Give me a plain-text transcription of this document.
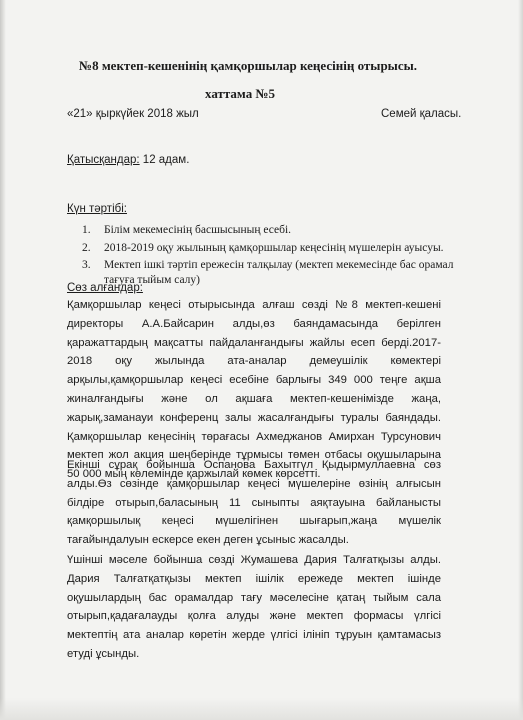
№8 мектеп-кешенінің қамқоршылар кеңесінің отырысы.
хаттама №5
«21» қыркүйек 2018 жыл	Семей қаласы.
Қатысқандар: 12 адам.
Күн тәртібі:
1. Білім мекемесінің басшысының есебі.
2. 2018-2019 оқу жылының қамқоршылар кеңесінің мүшелерін ауысуы.
3. Мектеп ішкі тәртіп ережесін талқылау (мектеп мекемесінде бас орамал тағуға тыйым салу)
Сөз алғандар:

Қамқоршылар кеңесі отырысында алғаш сөзді №8 мектеп-кешені директоры А.А.Байсарин алды,өз баяндамасында берілген қаражаттардың мақсатты пайдаланғандығы жайлы есеп берді.2017-2018 оқу жылында ата-аналар демеушілік көмектері арқылы,қамқоршылар кеңесі есебіне барлығы 349 000 теңге ақша жиналғандығы және ол ақшаға мектеп-кешенімізде жаңа, жарық,заманауи конференц залы жасалғандығы туралы баяндады. Қамқоршылар кеңесінің төрағасы Ахмеджанов Амирхан Турсунович мектеп жол акция шеңберінде тұрмысы төмен отбасы оқушыларына 50 000 мың көлемінде қаржылай көмек көрсетті.

Екінші сұрақ бойынша Оспанова Бахытгүл Қыдырмуллаевна сөз алды.Өз сөзінде қамқоршылар кеңесі мүшелеріне өзінің алғысын білдіре отырып,баласының 11 сыныпты аяқтауына байланысты қамқоршылық кеңесі мүшелігінен шығарып,жаңа мүшелік тағайындалуын ескерсе екен деген ұсыныс жасалды.

Үшінші мәселе бойынша сөзді Жумашева Дария Талғатқызы алды. Дария Талғатқатқызы мектеп ішілік ережеде мектеп ішінде оқушылардың бас орамалдар тағу мәселесіне қатаң тыйым сала отырып,қадағалауды қолға алуды және мектеп формасы үлгісі мектептің ата аналар көретін жерде үлгісі ілініп тұруын қамтамасыз етуді ұсынды.
